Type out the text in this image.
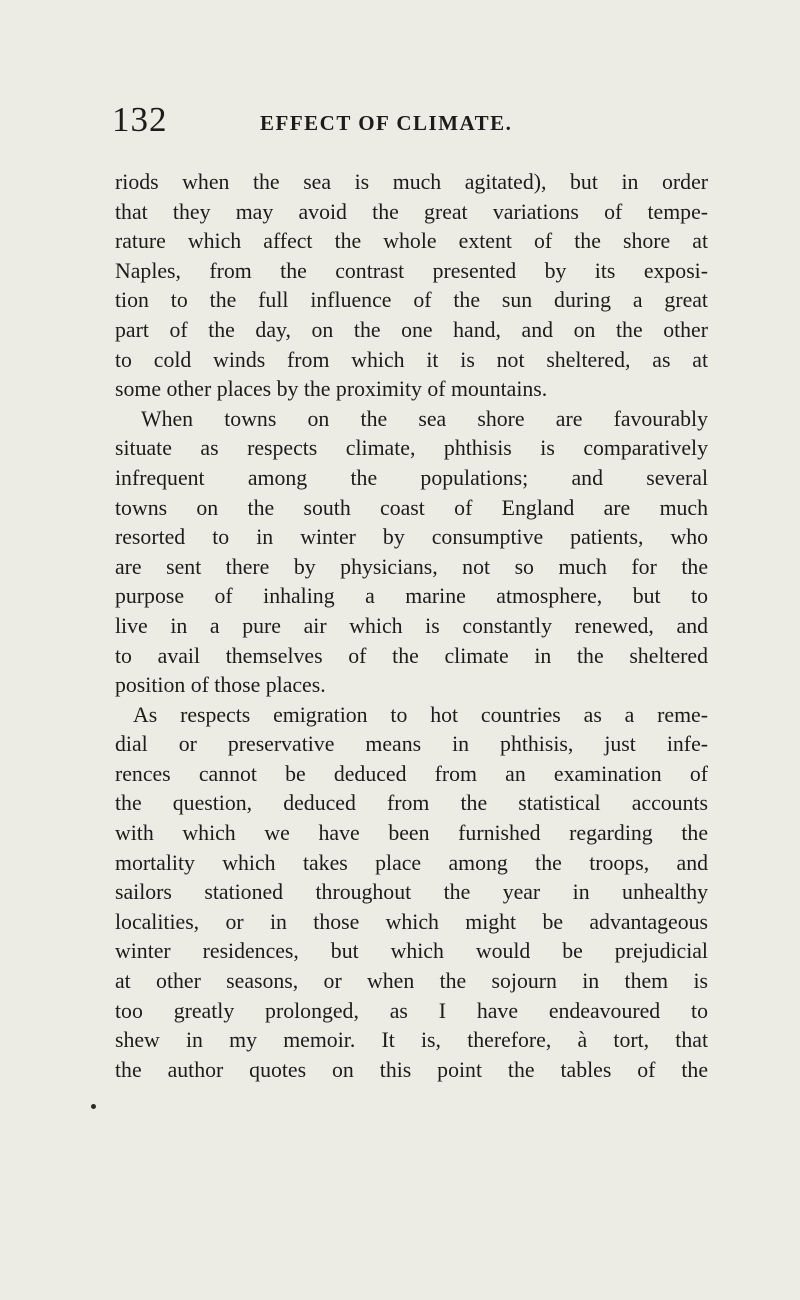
132	EFFECT OF CLIMATE.
riods when the sea is much agitated), but in order
that they may avoid the great variations of tempe-
rature which affect the whole extent of the shore at
Naples, from the contrast presented by its exposi-
tion to the full influence of the sun during a great
part of the day, on the one hand, and on the other
to cold winds from which it is not sheltered, as at
some other places by the proximity of mountains.
When towns on the sea shore are favourably
situate as respects climate, phthisis is comparatively
infrequent among the populations; and several
towns on the south coast of England are much
resorted to in winter by consumptive patients, who
are sent there by physicians, not so much for the
purpose of inhaling a marine atmosphere, but to
live in a pure air which is constantly renewed, and
to avail themselves of the climate in the sheltered
position of those places.
As respects emigration to hot countries as a reme-
dial or preservative means in phthisis, just infe-
rences cannot be deduced from an examination of
the question, deduced from the statistical accounts
with which we have been furnished regarding the
mortality which takes place among the troops, and
sailors stationed throughout the year in unhealthy
localities, or in those which might be advantageous
winter residences, but which would be prejudicial
at other seasons, or when the sojourn in them is
too greatly prolonged, as I have endeavoured to
shew in my memoir. It is, therefore, à tort, that
the author quotes on this point the tables of the
